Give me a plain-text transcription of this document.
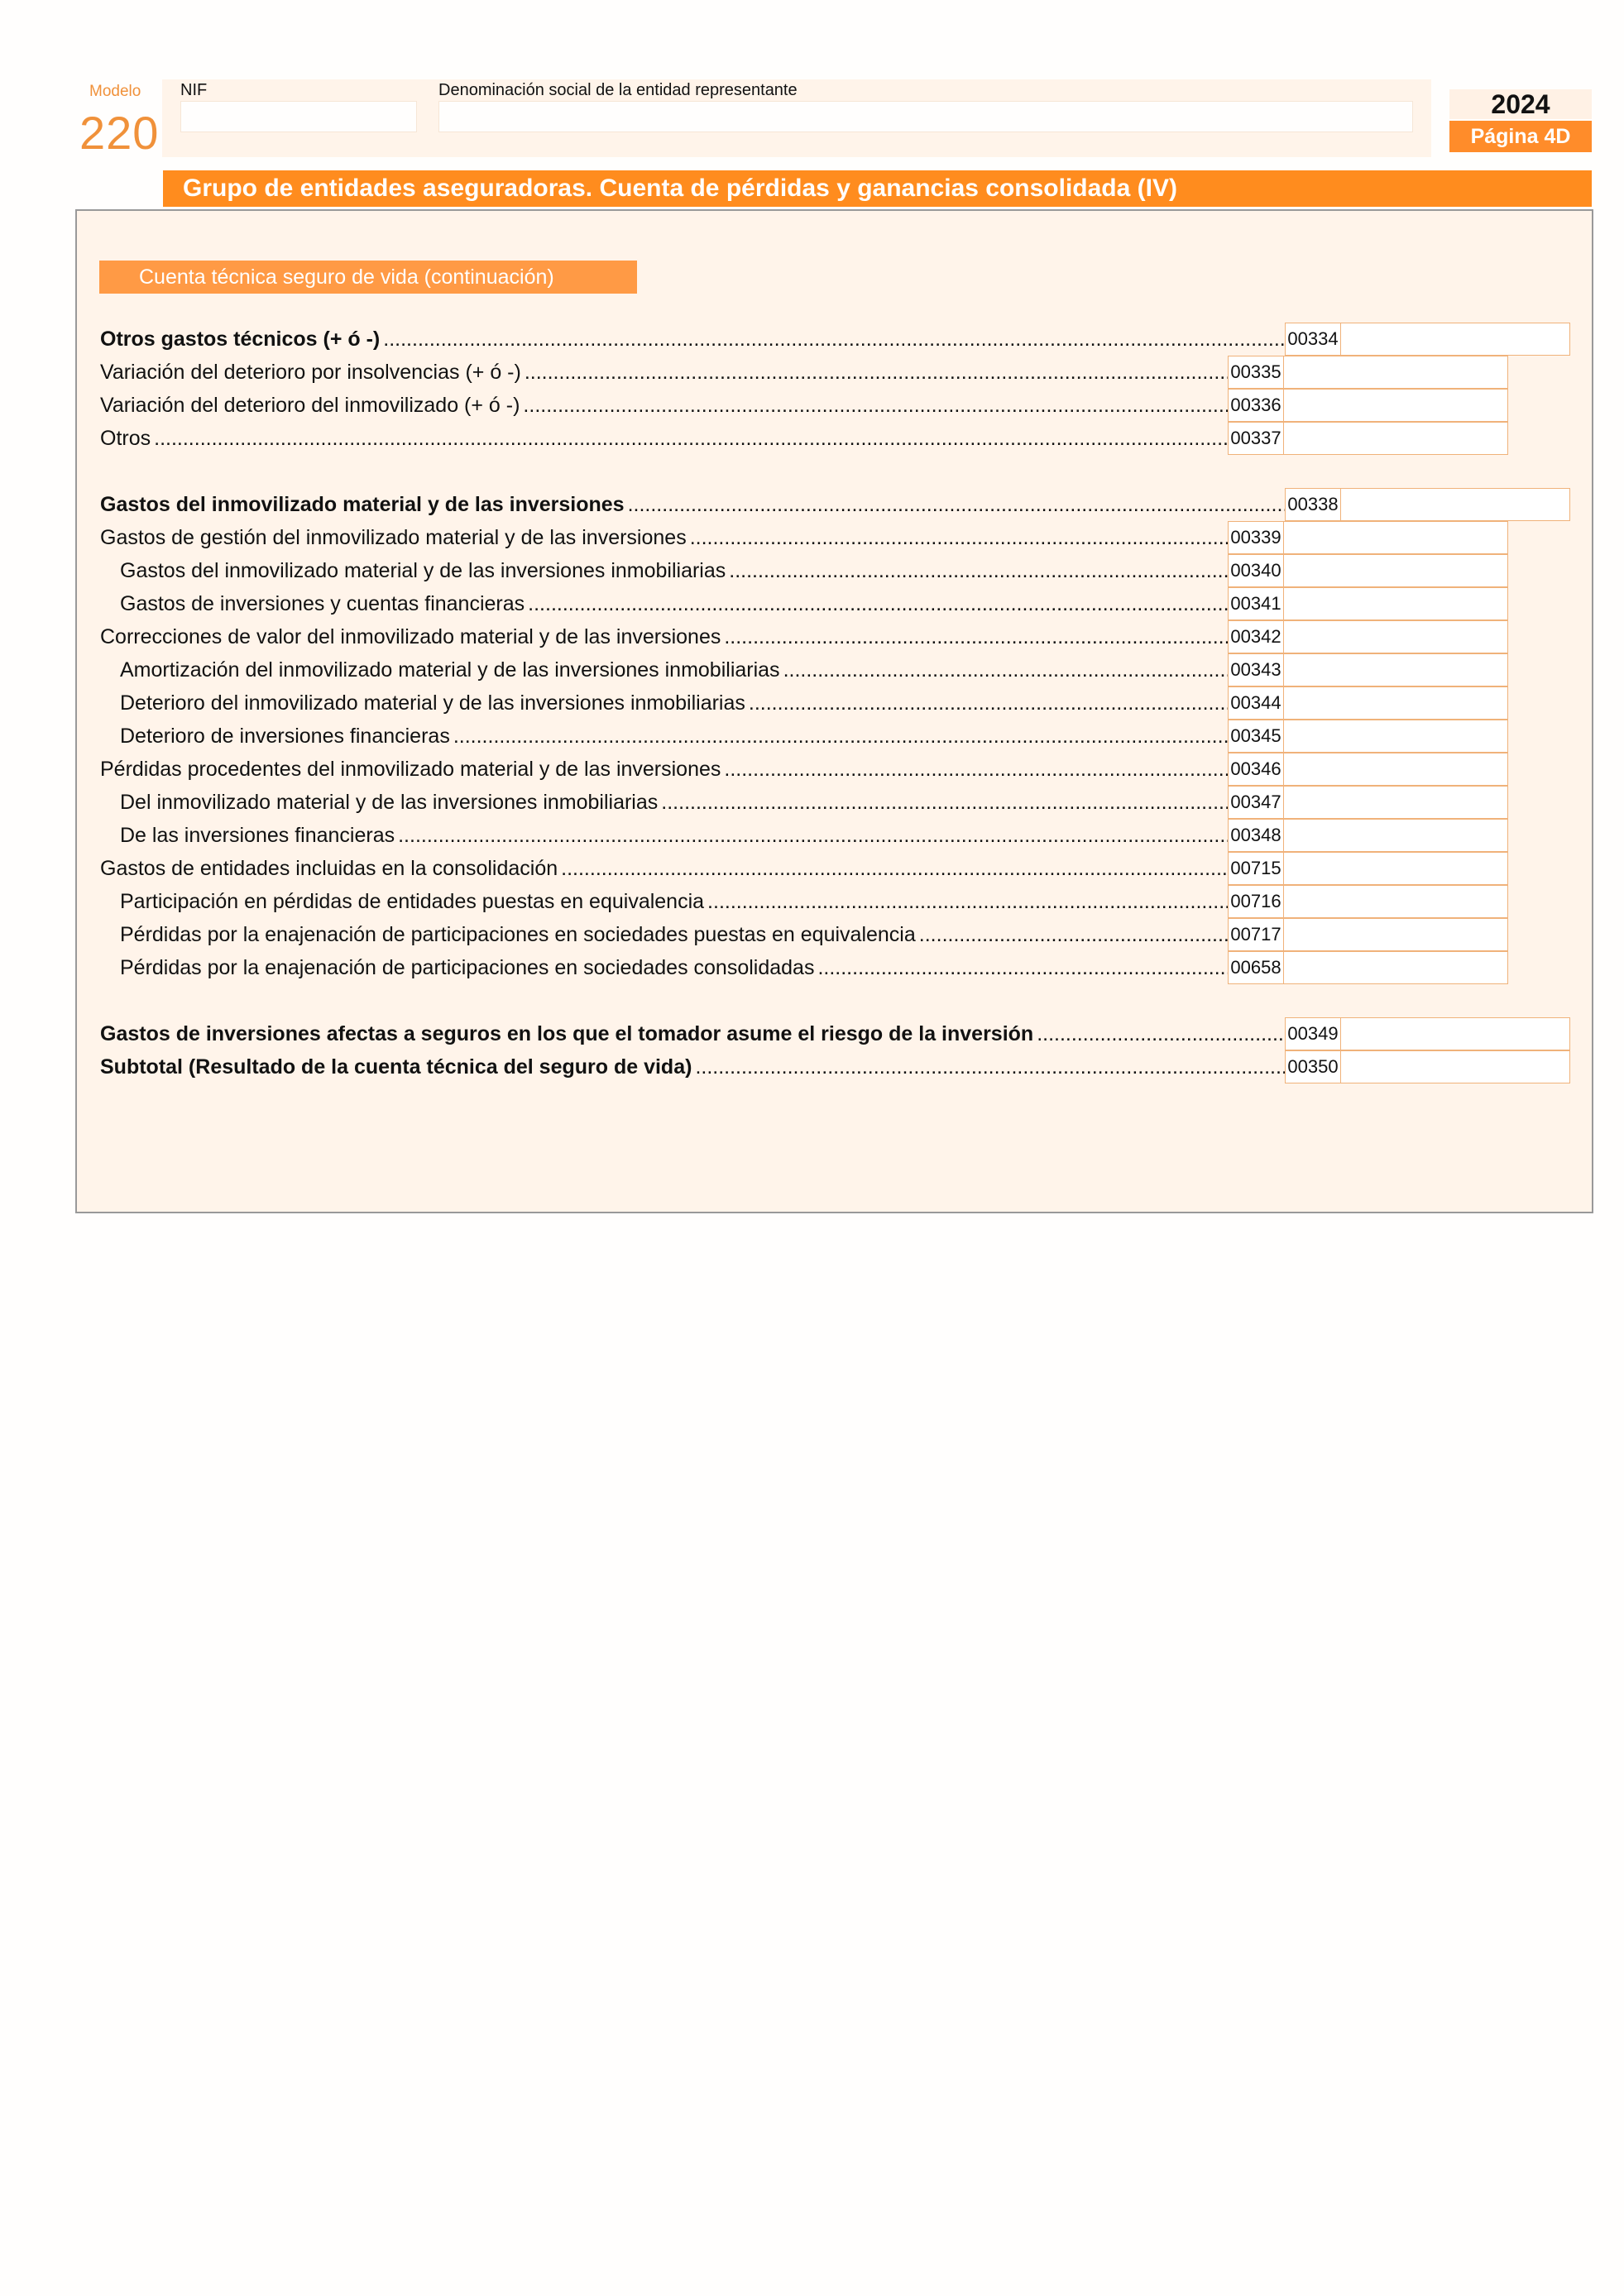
Modelo
220
NIF	Denominación social de la entidad representante	2024
Página 4D
Grupo de entidades aseguradoras. Cuenta de pérdidas y ganancias consolidada (IV)
Cuenta técnica seguro de vida (continuación)
Otros gastos técnicos (+ ó -) .....	00334
Variación del deterioro por insolvencias (+ ó -) .....	00335
Variación del deterioro del inmovilizado (+ ó -) .....	00336
Otros .....	00337
Gastos del inmovilizado material y de las inversiones .....	00338
Gastos de gestión del inmovilizado material y de las inversiones .....	00339
Gastos del inmovilizado material y de las inversiones inmobiliarias .....	00340
Gastos de inversiones y cuentas financieras .....	00341
Correcciones de valor del inmovilizado material y de las inversiones .....	00342
Amortización del inmovilizado material y de las inversiones inmobiliarias .....	00343
Deterioro del inmovilizado material y de las inversiones inmobiliarias .....	00344
Deterioro de inversiones financieras .....	00345
Pérdidas procedentes del inmovilizado material y de las inversiones .....	00346
Del inmovilizado material y de las inversiones inmobiliarias .....	00347
De las inversiones financieras .....	00348
Gastos de entidades incluidas en la consolidación .....	00715
Participación en pérdidas de entidades puestas en equivalencia .....	00716
Pérdidas por la enajenación de participaciones en sociedades puestas en equivalencia .....	00717
Pérdidas por la enajenación de participaciones en sociedades consolidadas .....	00658
Gastos de inversiones afectas a seguros en los que el tomador asume el riesgo de la inversión .....	00349
Subtotal (Resultado de la cuenta técnica del seguro de vida) .....	00350
